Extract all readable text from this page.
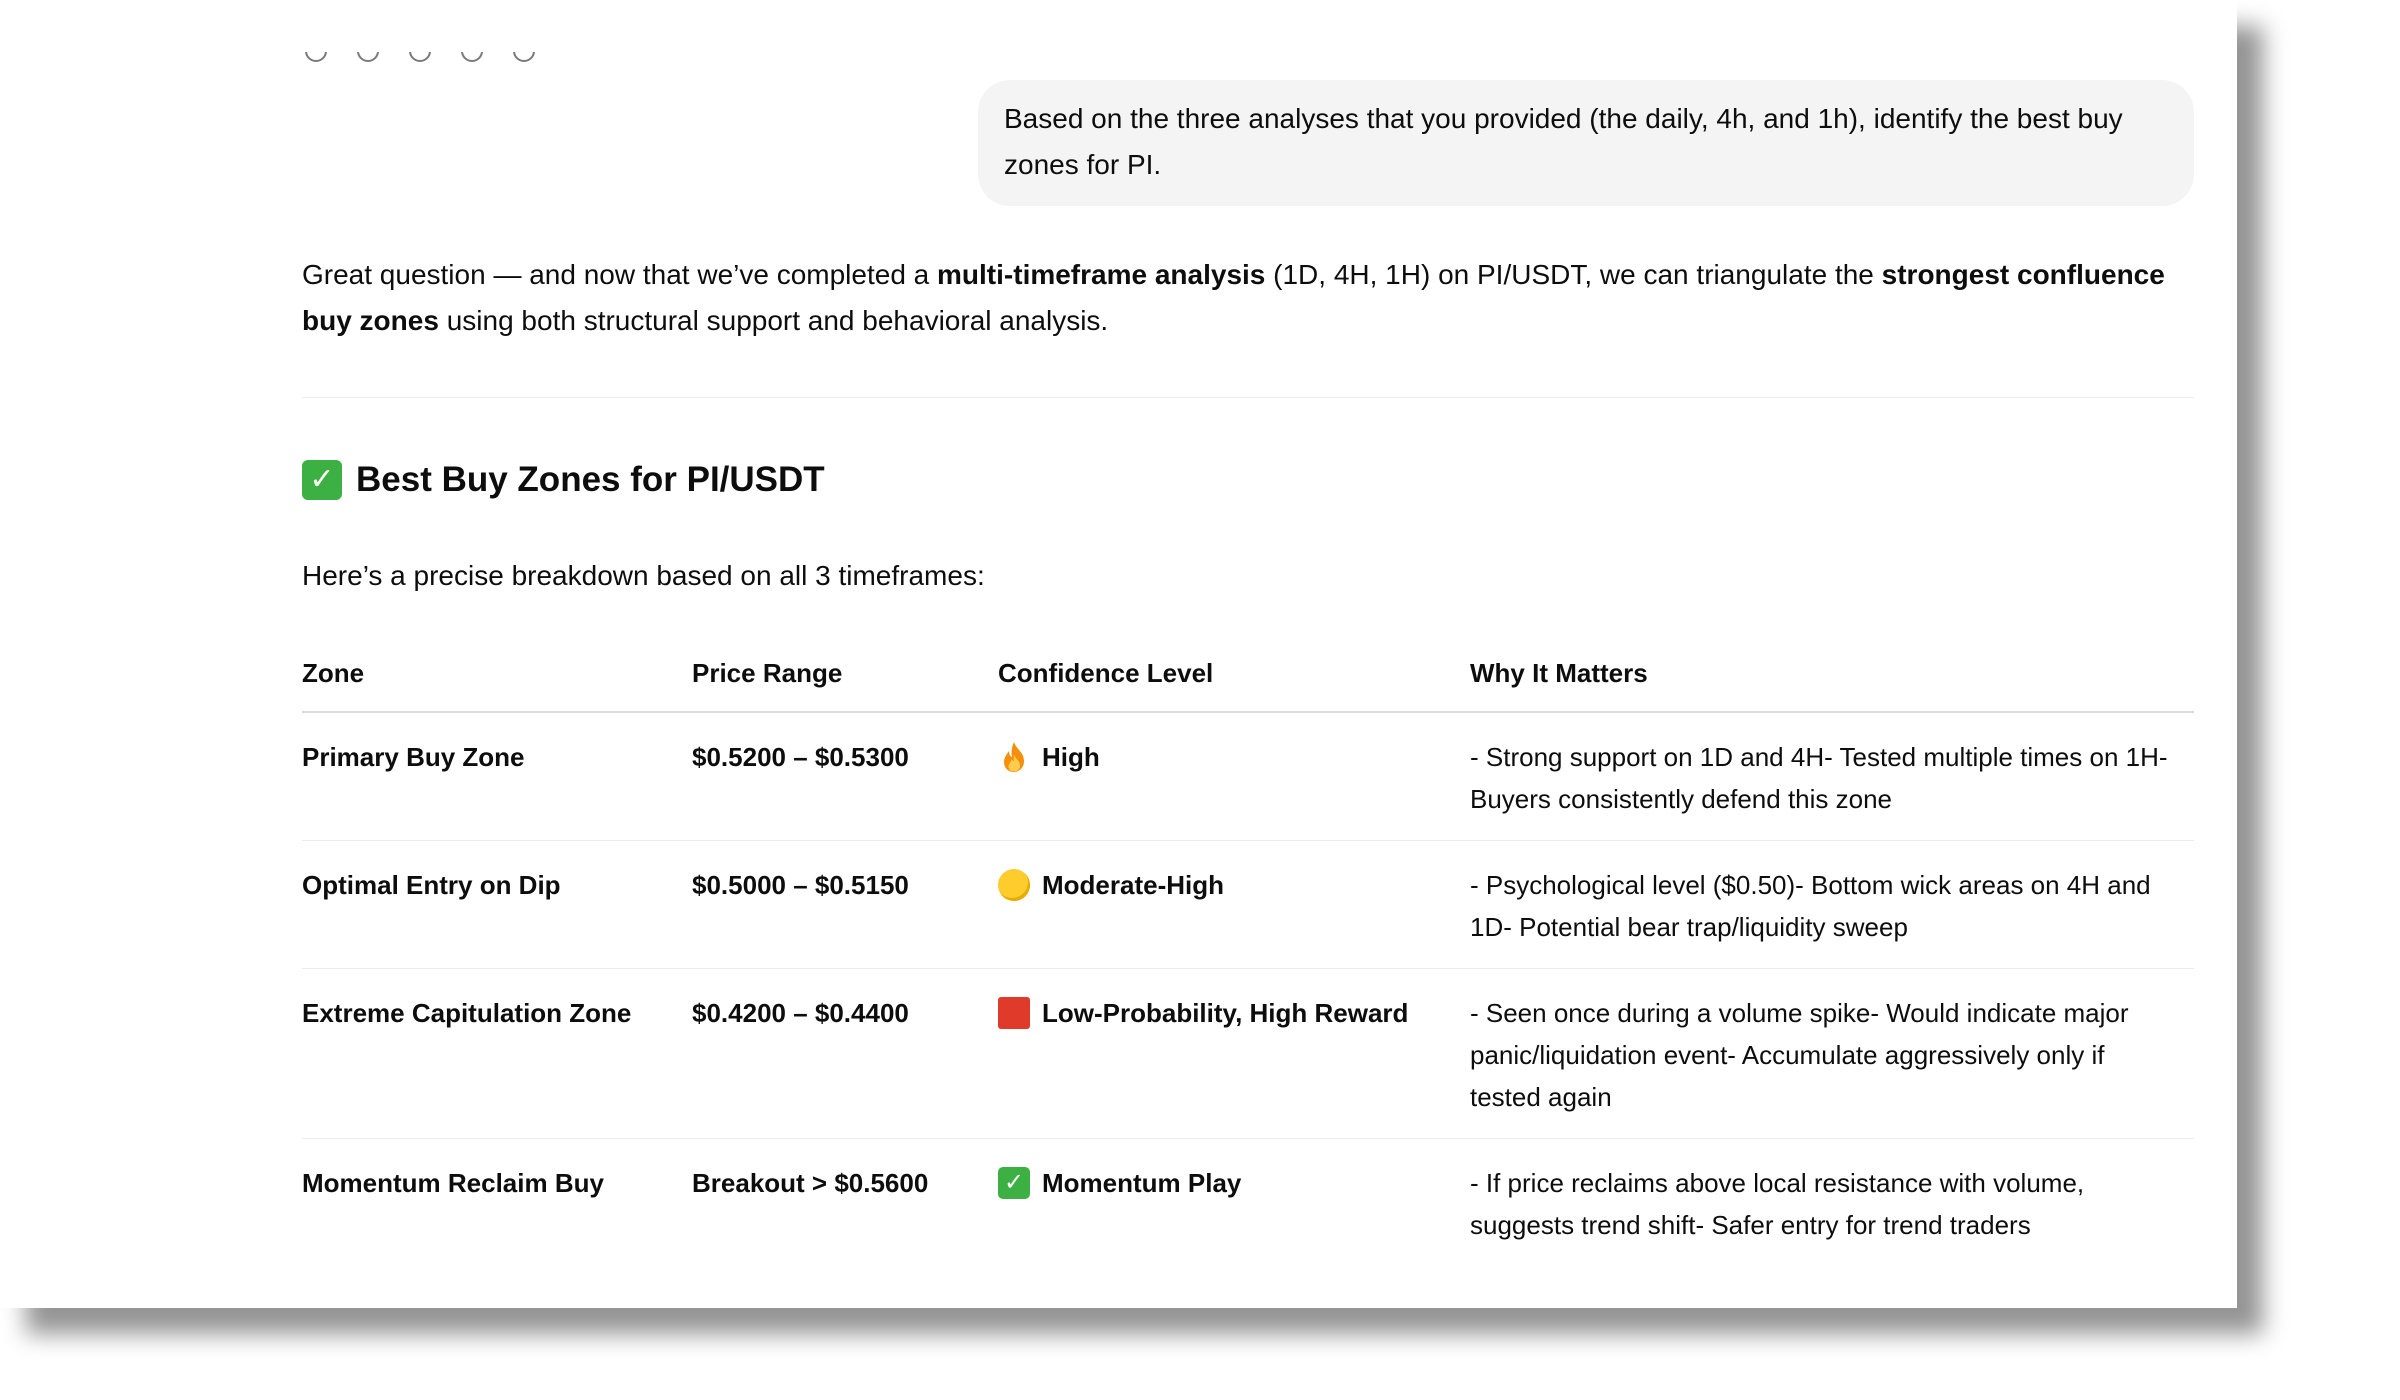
Based on the three analyses that you provided (the daily, 4h, and 1h), identify the best buy zones for PI.

Great question — and now that we’ve completed a multi-timeframe analysis (1D, 4H, 1H) on PI/USDT, we can triangulate the strongest confluence buy zones using both structural support and behavioral analysis.

✓ Best Buy Zones for PI/USDT

Here’s a precise breakdown based on all 3 timeframes:

Zone	Price Range	Confidence Level	Why It Matters
Primary Buy Zone	$0.5200 – $0.5300	High	- Strong support on 1D and 4H- Tested multiple times on 1H- Buyers consistently defend this zone
Optimal Entry on Dip	$0.5000 – $0.5150	Moderate-High	- Psychological level ($0.50)- Bottom wick areas on 4H and 1D- Potential bear trap/liquidity sweep
Extreme Capitulation Zone	$0.4200 – $0.4400	Low-Probability, High Reward	- Seen once during a volume spike- Would indicate major panic/liquidation event- Accumulate aggressively only if tested again
Momentum Reclaim Buy	Breakout > $0.5600	✓ Momentum Play	- If price reclaims above local resistance with volume, suggests trend shift- Safer entry for trend traders
